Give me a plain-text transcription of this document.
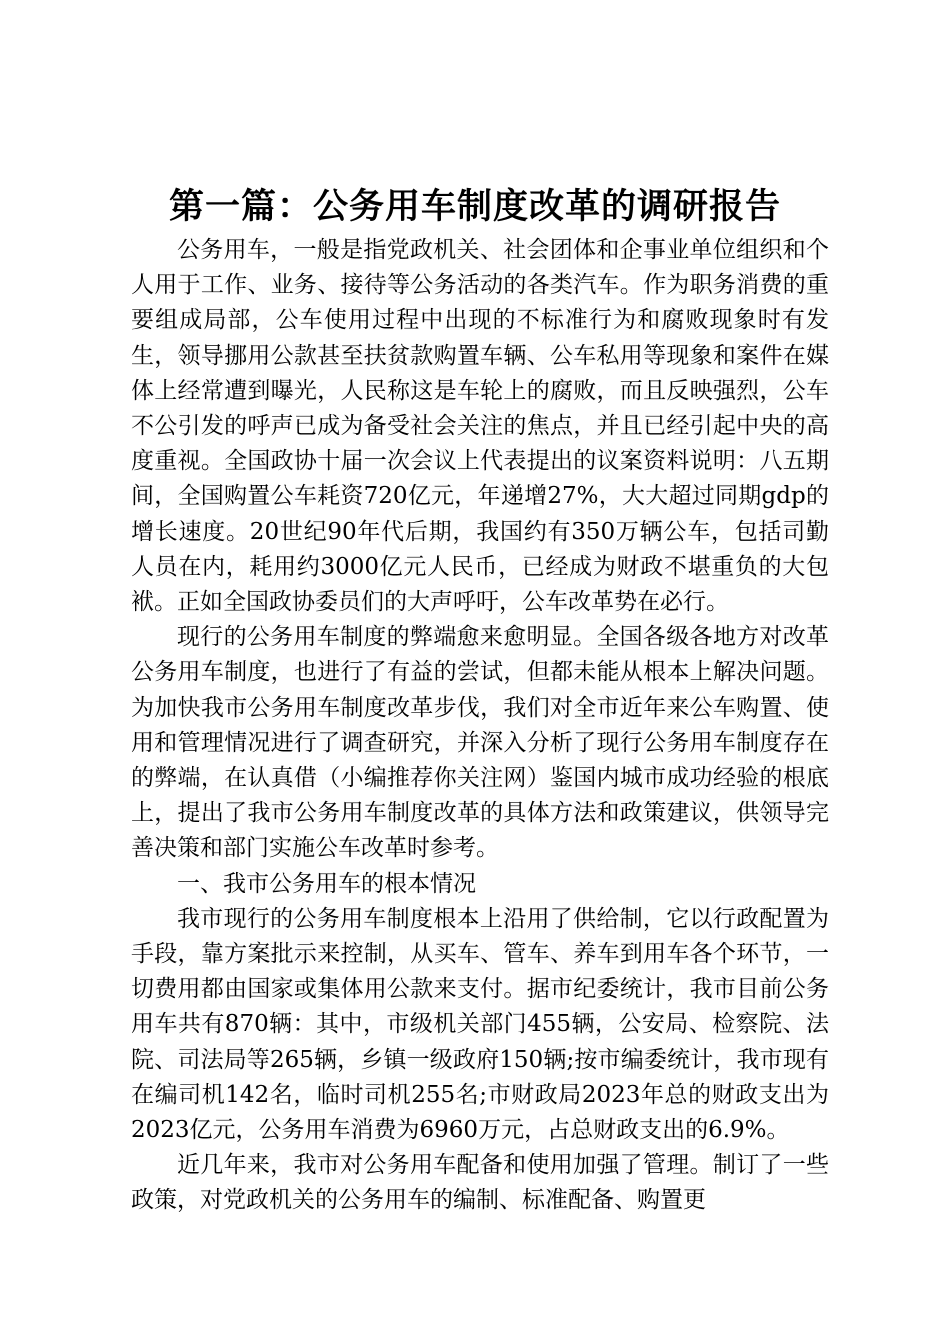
第一篇：公务用车制度改革的调研报告

公务用车，一般是指党政机关、社会团体和企事业单位组织和个人用于工作、业务、接待等公务活动的各类汽车。作为职务消费的重要组成局部，公车使用过程中出现的不标准行为和腐败现象时有发生，领导挪用公款甚至扶贫款购置车辆、公车私用等现象和案件在媒体上经常遭到曝光，人民称这是车轮上的腐败，而且反映强烈，公车不公引发的呼声已成为备受社会关注的焦点，并且已经引起中央的高度重视。全国政协十届一次会议上代表提出的议案资料说明：八五期间，全国购置公车耗资720亿元，年递增27%，大大超过同期gdp的增长速度。20世纪90年代后期，我国约有350万辆公车，包括司勤人员在内，耗用约3000亿元人民币，已经成为财政不堪重负的大包袱。正如全国政协委员们的大声呼吁，公车改革势在必行。

现行的公务用车制度的弊端愈来愈明显。全国各级各地方对改革公务用车制度，也进行了有益的尝试，但都未能从根本上解决问题。为加快我市公务用车制度改革步伐，我们对全市近年来公车购置、使用和管理情况进行了调查研究，并深入分析了现行公务用车制度存在的弊端，在认真借（小编推荐你关注网）鉴国内城市成功经验的根底上，提出了我市公务用车制度改革的具体方法和政策建议，供领导完善决策和部门实施公车改革时参考。

一、我市公务用车的根本情况

我市现行的公务用车制度根本上沿用了供给制，它以行政配置为手段，靠方案批示来控制，从买车、管车、养车到用车各个环节，一切费用都由国家或集体用公款来支付。据市纪委统计，我市目前公务用车共有870辆：其中，市级机关部门455辆，公安局、检察院、法院、司法局等265辆，乡镇一级政府150辆;按市编委统计，我市现有在编司机142名，临时司机255名;市财政局2023年总的财政支出为2023亿元，公务用车消费为6960万元，占总财政支出的6.9%。

近几年来，我市对公务用车配备和使用加强了管理。制订了一些政策，对党政机关的公务用车的编制、标准配备、购置更
